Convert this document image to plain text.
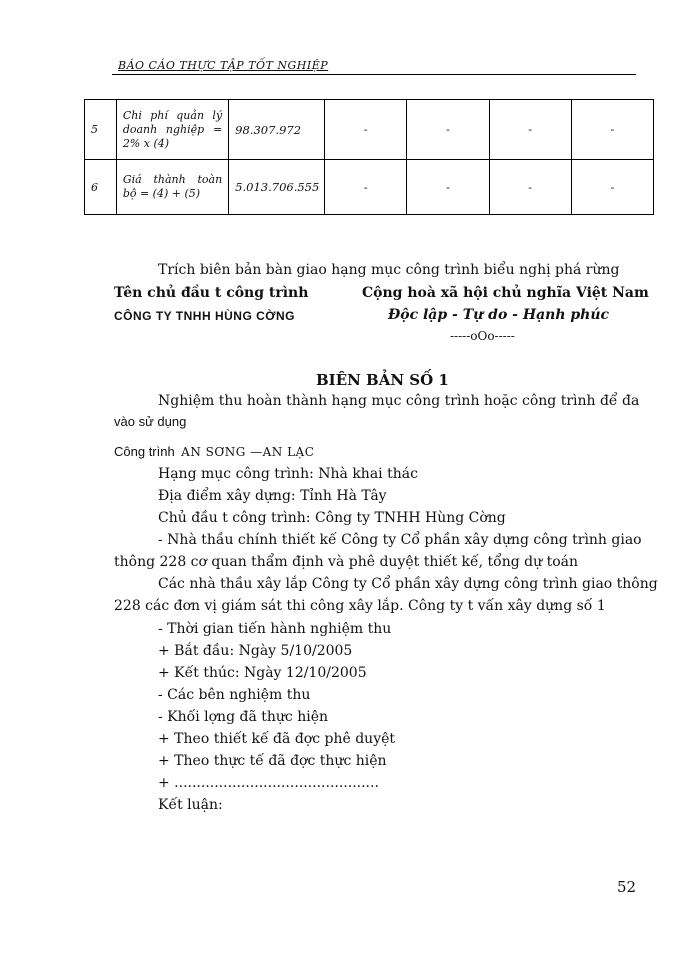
BÁO CÁO THỰC TẬP TỐT NGHIỆP
5	Chi phí quản lý doanh nghiệp = 2% x (4)	98.307.972	-	-	-	-
6	Giá thành toàn bộ = (4) + (5)	5.013.706.555	-	-	-	-
Trích biên bản bàn giao hạng mục công trình biểu nghị phá rừng
Tên chủ đầu t công trình	Cộng hoà xã hội chủ nghĩa Việt Nam
CÔNG TY TNHH HÙNG CỜNG	Độc lập - Tự do - Hạnh phúc
-----oOo-----
BIÊN BẢN SỐ 1
Nghiệm thu hoàn thành hạng mục công trình hoặc công trình để đa
vào sử dụng
Công trình AN SƠNG —AN LẠC
Hạng mục công trình: Nhà khai thác
Địa điểm xây dựng: Tỉnh Hà Tây
Chủ đầu t công trình: Công ty TNHH Hùng Cờng
- Nhà thầu chính thiết kế Công ty Cổ phần xây dựng công trình giao
thông 228 cơ quan thẩm định và phê duyệt thiết kế, tổng dự toán
Các nhà thầu xây lắp Công ty Cổ phần xây dựng công trình giao thông
228 các đơn vị giám sát thi công xây lắp. Công ty t vấn xây dựng số 1
- Thời gian tiến hành nghiệm thu
+ Bắt đầu: Ngày 5/10/2005
+ Kết thúc: Ngày 12/10/2005
- Các bên nghiệm thu
- Khối lợng đã thực hiện
+ Theo thiết kế đã đợc phê duyệt
+ Theo thực tế đã đợc thực hiện
+ ..............................................
Kết luận:
52
